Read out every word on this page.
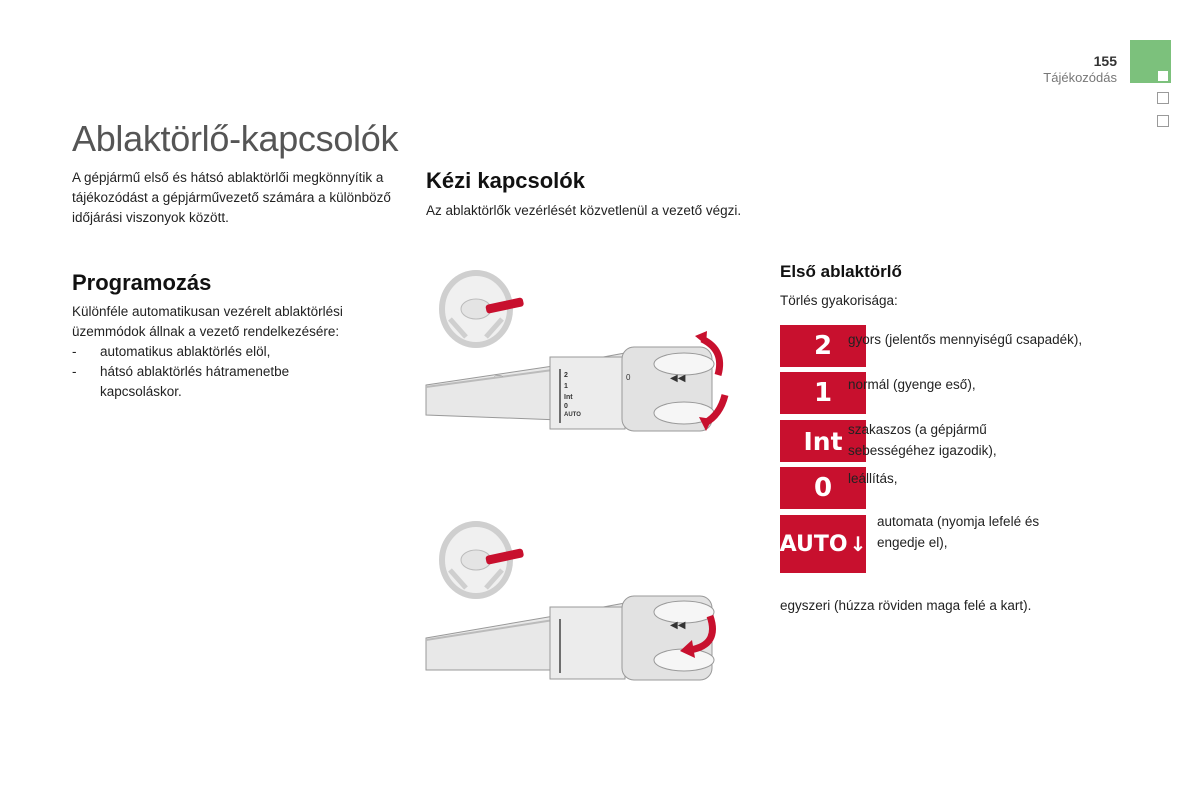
155
Tájékozódás
Ablaktörlő-kapcsolók
A gépjármű első és hátsó ablaktörlői megkönnyítik a tájékozódást a gépjárművezető számára a különböző időjárási viszonyok között.
Programozás
Különféle automatikusan vezérelt ablaktörlési üzemmódok állnak a vezető rendelkezésére:
- automatikus ablaktörlés elöl,
- hátsó ablaktörlés hátramenetbe kapcsoláskor.
Kézi kapcsolók
Az ablaktörlők vezérlését közvetlenül a vezető végzi.
⌒
2
1
Int
0
AUTO
0	◀◀
◀◀
Első ablaktörlő
Törlés gyakorisága:
2	gyors (jelentős mennyiségű csapadék),
1	normál (gyenge eső),
Int szakaszos (a gépjármű sebességéhez igazodik),
0	leállítás,
AUTO ↓
automata (nyomja lefelé és engedje el),
egyszeri (húzza röviden maga felé a kart).
